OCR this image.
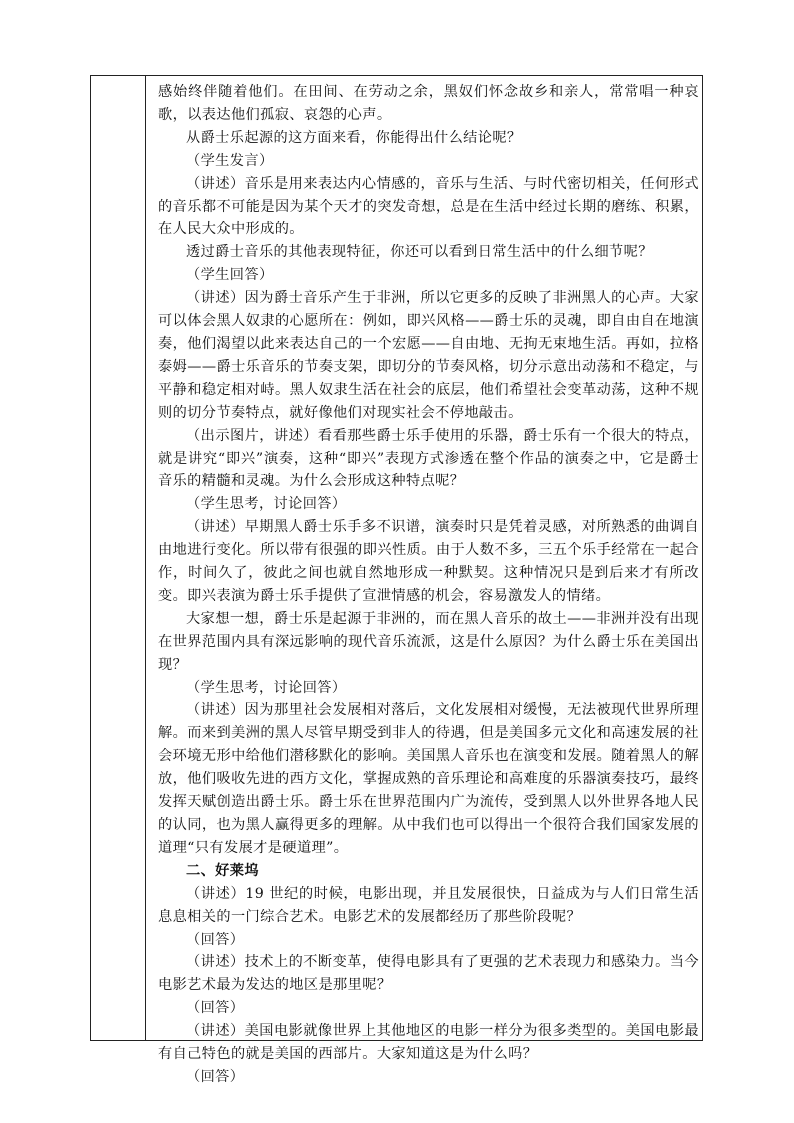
感始终伴随着他们。在田间、在劳动之余，黑奴们怀念故乡和亲人，常常唱一种哀歌，以表达他们孤寂、哀怨的心声。

从爵士乐起源的这方面来看，你能得出什么结论呢？

（学生发言）

（讲述）音乐是用来表达内心情感的，音乐与生活、与时代密切相关，任何形式的音乐都不可能是因为某个天才的突发奇想，总是在生活中经过长期的磨练、积累，在人民大众中形成的。

透过爵士音乐的其他表现特征，你还可以看到日常生活中的什么细节呢？

（学生回答）

（讲述）因为爵士音乐产生于非洲，所以它更多的反映了非洲黑人的心声。大家可以体会黑人奴隶的心愿所在：例如，即兴风格——爵士乐的灵魂，即自由自在地演奏，他们渴望以此来表达自己的一个宏愿——自由地、无拘无束地生活。再如，拉格泰姆——爵士乐音乐的节奏支架，即切分的节奏风格，切分示意出动荡和不稳定，与平静和稳定相对峙。黑人奴隶生活在社会的底层，他们希望社会变革动荡，这种不规则的切分节奏特点，就好像他们对现实社会不停地敲击。

（出示图片，讲述）看看那些爵士乐手使用的乐器，爵士乐有一个很大的特点，就是讲究“即兴”演奏，这种“即兴”表现方式渗透在整个作品的演奏之中，它是爵士音乐的精髓和灵魂。为什么会形成这种特点呢？

（学生思考，讨论回答）

（讲述）早期黑人爵士乐手多不识谱，演奏时只是凭着灵感，对所熟悉的曲调自由地进行变化。所以带有很强的即兴性质。由于人数不多，三五个乐手经常在一起合作，时间久了，彼此之间也就自然地形成一种默契。这种情况只是到后来才有所改变。即兴表演为爵士乐手提供了宣泄情感的机会，容易激发人的情绪。

大家想一想，爵士乐是起源于非洲的，而在黑人音乐的故土——非洲并没有出现在世界范围内具有深远影响的现代音乐流派，这是什么原因？为什么爵士乐在美国出现？

（学生思考，讨论回答）

（讲述）因为那里社会发展相对落后，文化发展相对缓慢，无法被现代世界所理解。而来到美洲的黑人尽管早期受到非人的待遇，但是美国多元文化和高速发展的社会环境无形中给他们潜移默化的影响。美国黑人音乐也在演变和发展。随着黑人的解放，他们吸收先进的西方文化，掌握成熟的音乐理论和高难度的乐器演奏技巧，最终发挥天赋创造出爵士乐。爵士乐在世界范围内广为流传，受到黑人以外世界各地人民的认同，也为黑人赢得更多的理解。从中我们也可以得出一个很符合我们国家发展的道理“只有发展才是硬道理”。

二、好莱坞

（讲述）19 世纪的时候，电影出现，并且发展很快，日益成为与人们日常生活息息相关的一门综合艺术。电影艺术的发展都经历了那些阶段呢？

（回答）

（讲述）技术上的不断变革，使得电影具有了更强的艺术表现力和感染力。当今电影艺术最为发达的地区是那里呢？

（回答）

（讲述）美国电影就像世界上其他地区的电影一样分为很多类型的。美国电影最有自己特色的就是美国的西部片。大家知道这是为什么吗？

（回答）
